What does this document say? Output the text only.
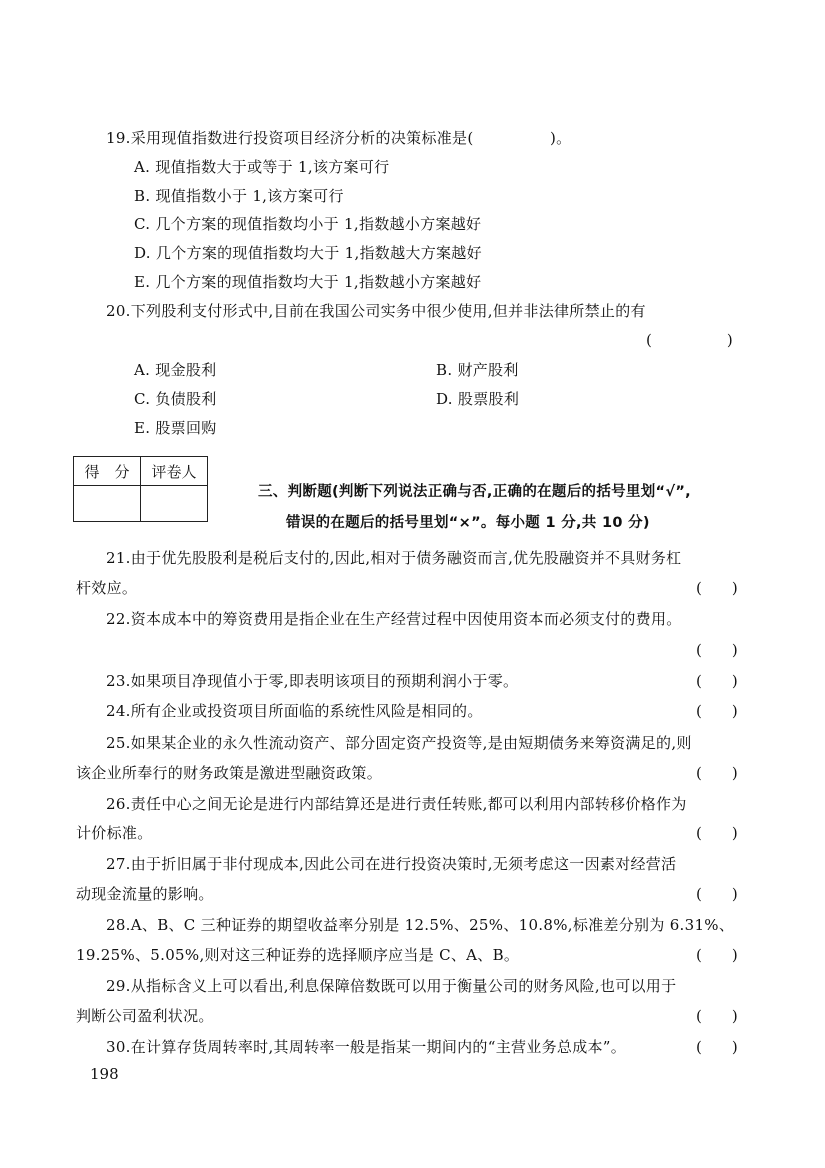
19.采用现值指数进行投资项目经济分析的决策标准是(　　　　　)。
A. 现值指数大于或等于 1,该方案可行
B. 现值指数小于 1,该方案可行
C. 几个方案的现值指数均小于 1,指数越小方案越好
D. 几个方案的现值指数均大于 1,指数越大方案越好
E. 几个方案的现值指数均大于 1,指数越小方案越好
20.下列股利支付形式中,目前在我国公司实务中很少使用,但并非法律所禁止的有
(　　　　　)
A. 现金股利	B. 财产股利
C. 负债股利	D. 股票股利
E. 股票回购
得　分	评卷人

三、判断题(判断下列说法正确与否,正确的在题后的括号里划“√”,
错误的在题后的括号里划“×”。每小题 1 分,共 10 分)
21.由于优先股股利是税后支付的,因此,相对于债务融资而言,优先股融资并不具财务杠
杆效应。	(　　)
22.资本成本中的筹资费用是指企业在生产经营过程中因使用资本而必须支付的费用。
(　　)
23.如果项目净现值小于零,即表明该项目的预期利润小于零。	(　　)
24.所有企业或投资项目所面临的系统性风险是相同的。	(　　)
25.如果某企业的永久性流动资产、部分固定资产投资等,是由短期债务来筹资满足的,则
该企业所奉行的财务政策是激进型融资政策。	(　　)
26.责任中心之间无论是进行内部结算还是进行责任转账,都可以利用内部转移价格作为
计价标准。	(　　)
27.由于折旧属于非付现成本,因此公司在进行投资决策时,无须考虑这一因素对经营活
动现金流量的影响。	(　　)
28.A、B、C 三种证券的期望收益率分别是 12.5%、25%、10.8%,标准差分别为 6.31%、
19.25%、5.05%,则对这三种证券的选择顺序应当是 C、A、B。	(　　)
29.从指标含义上可以看出,利息保障倍数既可以用于衡量公司的财务风险,也可以用于
判断公司盈利状况。	(　　)
30.在计算存货周转率时,其周转率一般是指某一期间内的“主营业务总成本”。	(　　)
198
